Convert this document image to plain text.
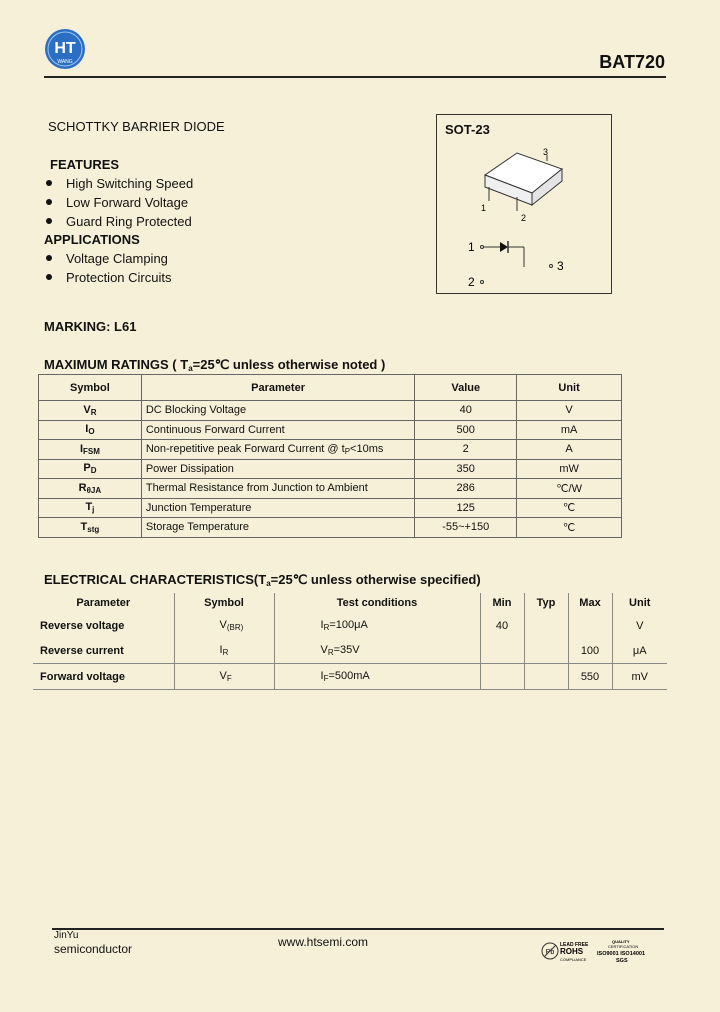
HT
WANG	BAT720
SCHOTTKY BARRIER DIODE
FEATURES
High Switching Speed
Low Forward Voltage
Guard Ring Protected
APPLICATIONS
Voltage Clamping
Protection Circuits
MARKING: L61
SOT-23
3
1
2
1
3
2
MAXIMUM RATINGS ( $T_a=25℃$ unless otherwise noted )
Symbol	Parameter	Value	Unit
$V_R$	DC Blocking Voltage	40	V
$I_O$	Continuous Forward Current	500	mA
$I_{FSM}$	Non-repetitive peak Forward Current @ $t_P<10ms$	2	A
$P_D$	Power Dissipation	350	mW
$R_{\theta JA}$	Thermal Resistance from Junction to Ambient	286	℃/W
$T_j$	Junction Temperature	125	℃
$T_{stg}$	Storage Temperature	-55~+150	℃
ELECTRICAL $CHARACTERISTICS(T_a=25℃$ unless otherwise specified)
Parameter	Symbol	Test conditions	Min	Typ	Max	Unit
Reverse voltage	$V_{(BR)}$	$I_R=100\mu A$	40			V
Reverse current	$I_R$	$V_R=35V$			100	μA
Forward voltage	$V_F$	$I_F=500mA$			550	mV
JinYu
semiconductor	www.htsemi.com
Pb
LEAD FREE
ROHS
COMPLIANCE
QUALITY
CERTIFICATION
ISO9001 ISO14001
SGS
